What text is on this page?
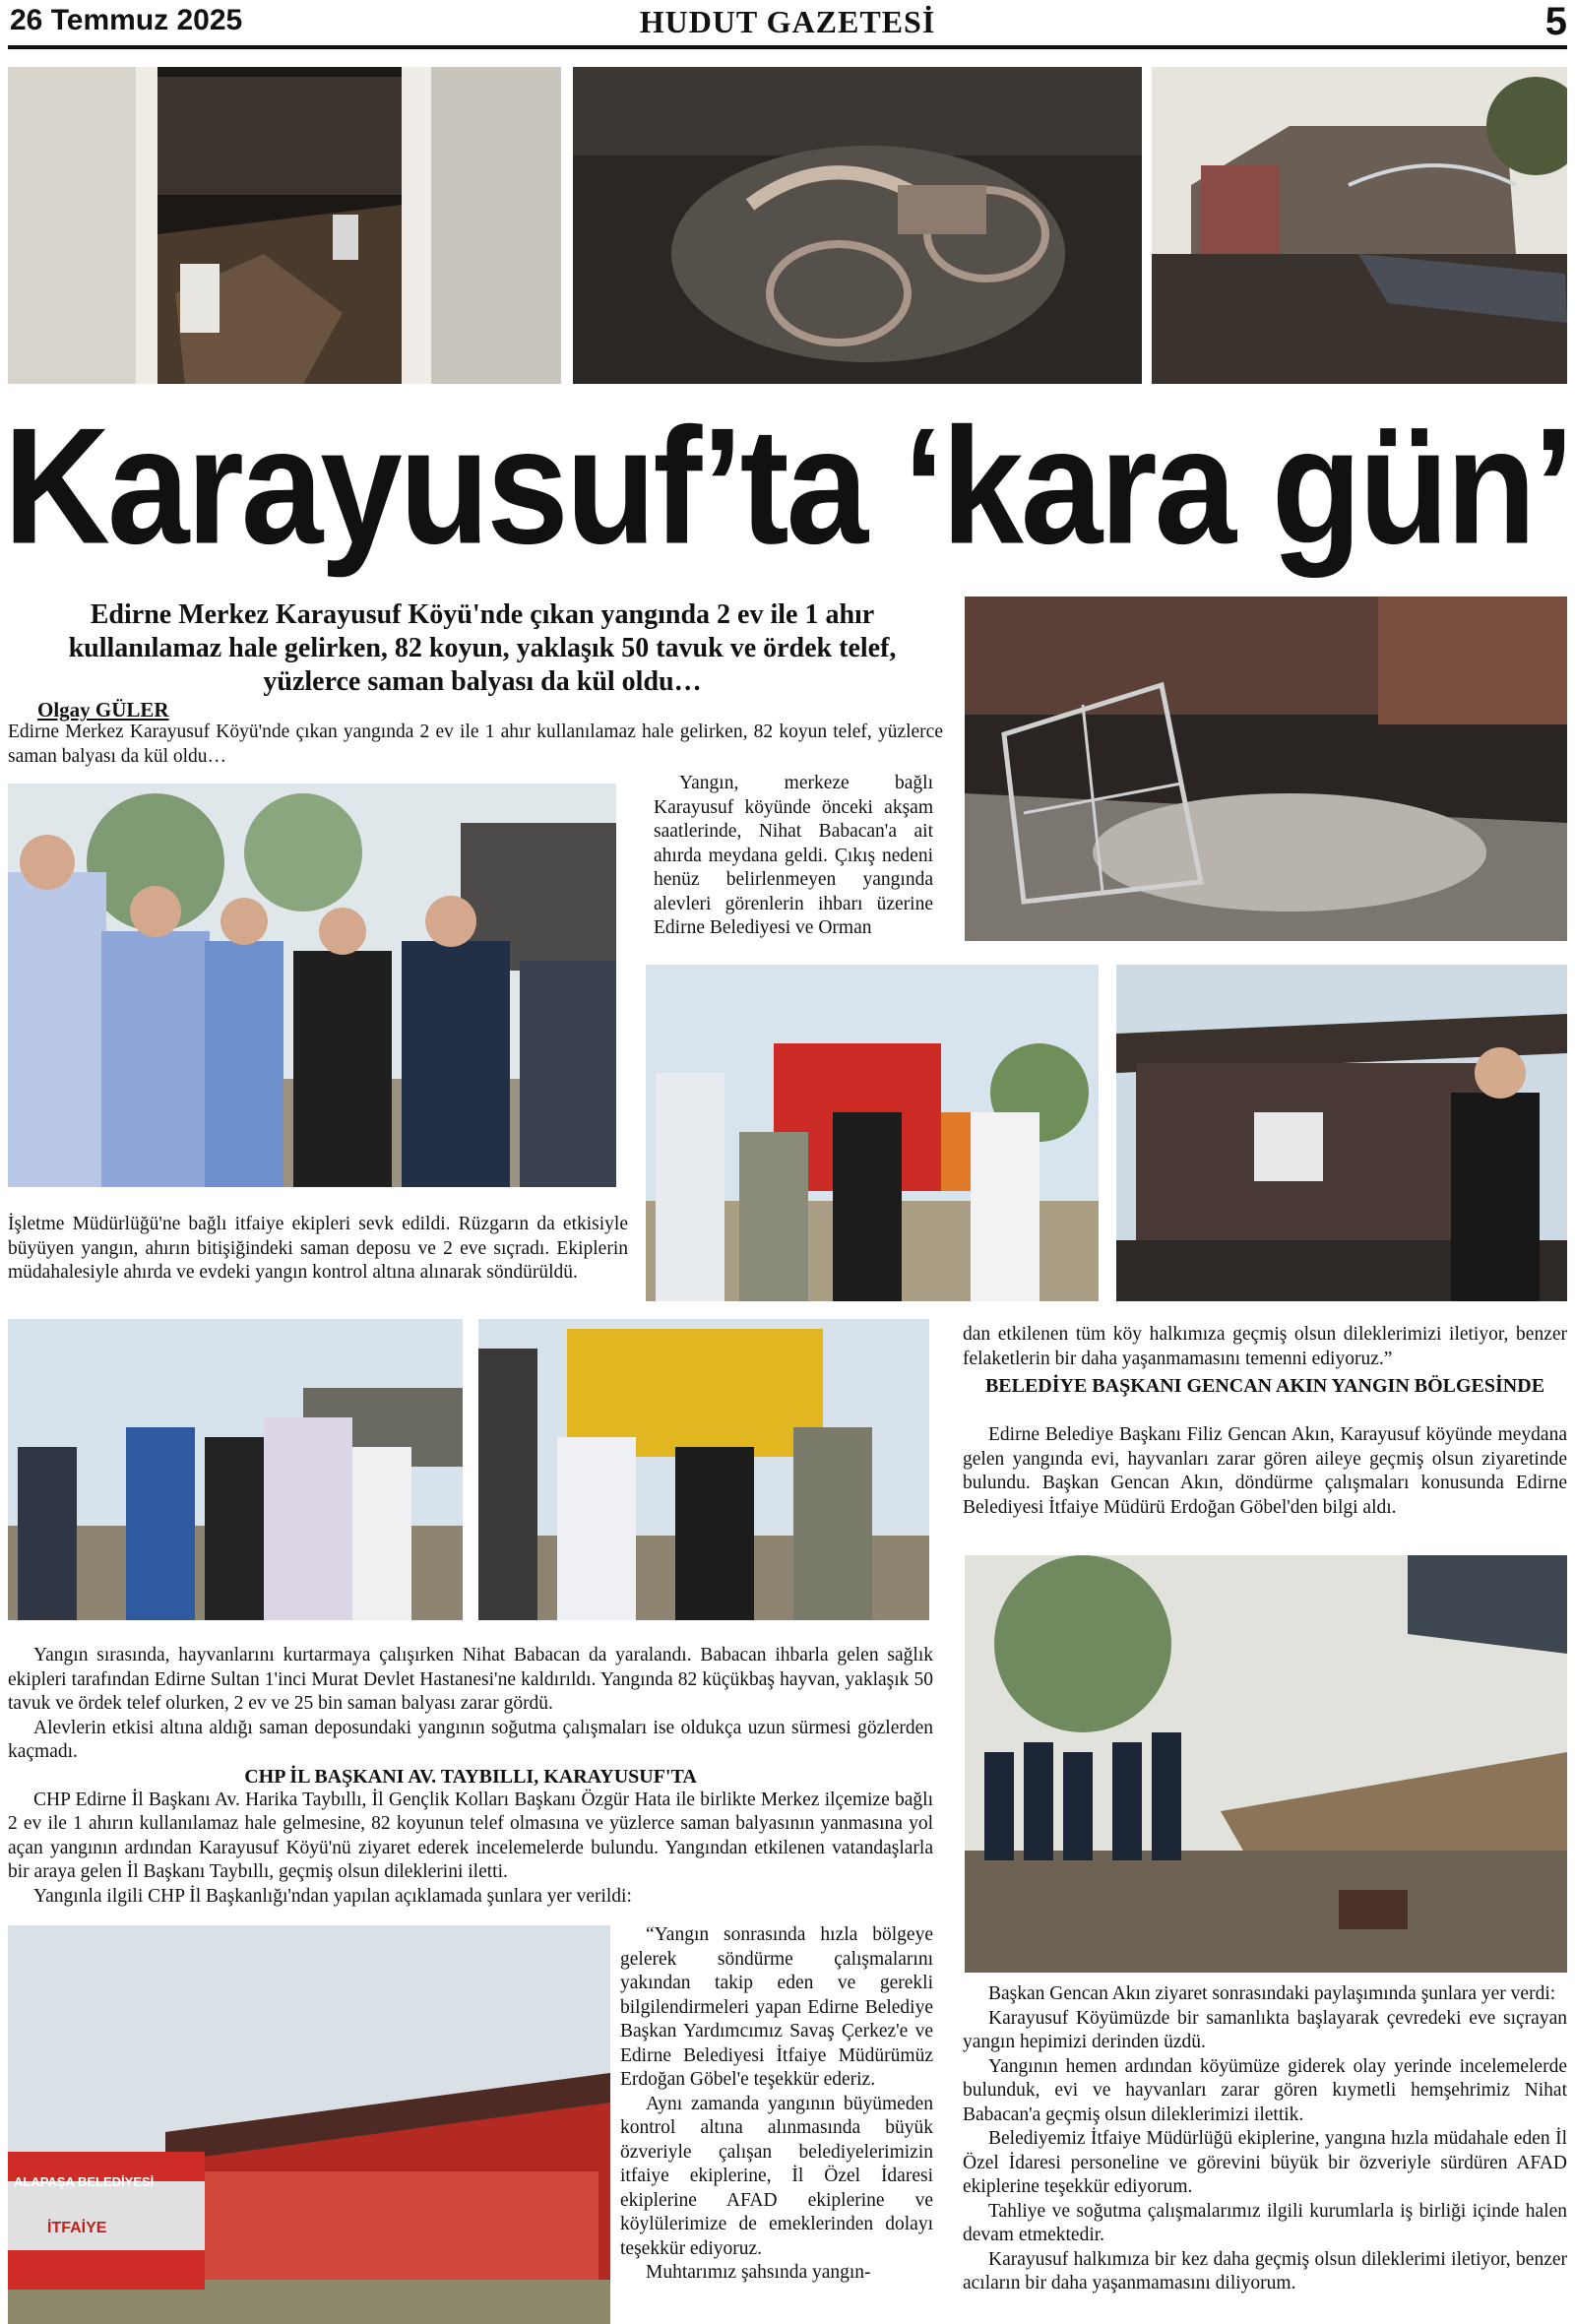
26 Temmuz 2025	HUDUT GAZETESİ	5
Karayusuf’ta ‘kara gün’
Edirne Merkez Karayusuf Köyü'nde çıkan yangında 2 ev ile 1 ahır kullanılamaz hale gelirken, 82 koyun, yaklaşık 50 tavuk ve ördek telef, yüzlerce saman balyası da kül oldu…
Olgay GÜLER

Edirne Merkez Karayusuf Köyü'nde çıkan yangında 2 ev ile 1 ahır kullanılamaz hale gelirken, 82 koyun telef, yüzlerce saman balyası da kül oldu…

Yangın, merkeze bağlı Karayusuf köyünde önceki akşam saatlerinde, Nihat Babacan'a ait ahırda meydana geldi. Çıkış nedeni henüz belirlenmeyen yangında alevleri görenlerin ihbarı üzerine Edirne Belediyesi ve Orman

İşletme Müdürlüğü'ne bağlı itfaiye ekipleri sevk edildi. Rüzgarın da etkisiyle büyüyen yangın, ahırın bitişiğindeki saman deposu ve 2 eve sıçradı. Ekiplerin müdahalesiyle ahırda ve evdeki yangın kontrol altına alınarak söndürüldü.

dan etkilenen tüm köy halkımıza geçmiş olsun dileklerimizi iletiyor, benzer felaketlerin bir daha yaşanmamasını temenni ediyoruz.”

BELEDİYE BAŞKANI GENCAN AKIN YANGIN BÖLGESİNDE

Edirne Belediye Başkanı Filiz Gencan Akın, Karayusuf köyünde meydana gelen yangında evi, hayvanları zarar gören aileye geçmiş olsun ziyaretinde bulundu. Başkan Gencan Akın, döndürme çalışmaları konusunda Edirne Belediyesi İtfaiye Müdürü Erdoğan Göbel'den bilgi aldı.

Yangın sırasında, hayvanlarını kurtarmaya çalışırken Nihat Babacan da yaralandı. Babacan ihbarla gelen sağlık ekipleri tarafından Edirne Sultan 1'inci Murat Devlet Hastanesi'ne kaldırıldı. Yangında 82 küçükbaş hayvan, yaklaşık 50 tavuk ve ördek telef olurken, 2 ev ve 25 bin saman balyası zarar gördü.

Alevlerin etkisi altına aldığı saman deposundaki yangının soğutma çalışmaları ise oldukça uzun sürmesi gözlerden kaçmadı.

CHP İL BAŞKANI AV. TAYBILLI, KARAYUSUF'TA

CHP Edirne İl Başkanı Av. Harika Taybıllı, İl Gençlik Kolları Başkanı Özgür Hata ile birlikte Merkez ilçemize bağlı 2 ev ile 1 ahırın kullanılamaz hale gelmesine, 82 koyunun telef olmasına ve yüzlerce saman balyasının yanmasına yol açan yangının ardından Karayusuf Köyü'nü ziyaret ederek incelemelerde bulundu. Yangından etkilenen vatandaşlarla bir araya gelen İl Başkanı Taybıllı, geçmiş olsun dileklerini iletti.

Yangınla ilgili CHP İl Başkanlığı'ndan yapılan açıklamada şunlara yer verildi:

ALAPAŞA BELEDİYESİ
İTFAİYE

“Yangın sonrasında hızla bölgeye gelerek söndürme çalışmalarını yakından takip eden ve gerekli bilgilendirmeleri yapan Edirne Belediye Başkan Yardımcımız Savaş Çerkez'e ve Edirne Belediyesi İtfaiye Müdürümüz Erdoğan Göbel'e teşekkür ederiz.

Aynı zamanda yangının büyümeden kontrol altına alınmasında büyük özveriyle çalışan belediyelerimizin itfaiye ekiplerine, İl Özel İdaresi ekiplerine AFAD ekiplerine ve köylülerimize de emeklerinden dolayı teşekkür ediyoruz.

Muhtarımız şahsında yangın-

Başkan Gencan Akın ziyaret sonrasındaki paylaşımında şunlara yer verdi:

Karayusuf Köyümüzde bir samanlıkta başlayarak çevredeki eve sıçrayan yangın hepimizi derinden üzdü.

Yangının hemen ardından köyümüze giderek olay yerinde incelemelerde bulunduk, evi ve hayvanları zarar gören kıymetli hemşehrimiz Nihat Babacan'a geçmiş olsun dileklerimizi ilettik.

Belediyemiz İtfaiye Müdürlüğü ekiplerine, yangına hızla müdahale eden İl Özel İdaresi personeline ve görevini büyük bir özveriyle sürdüren AFAD ekiplerine teşekkür ediyorum.

Tahliye ve soğutma çalışmalarımız ilgili kurumlarla iş birliği içinde halen devam etmektedir.

Karayusuf halkımıza bir kez daha geçmiş olsun dileklerimi iletiyor, benzer acıların bir daha yaşanmamasını diliyorum.
